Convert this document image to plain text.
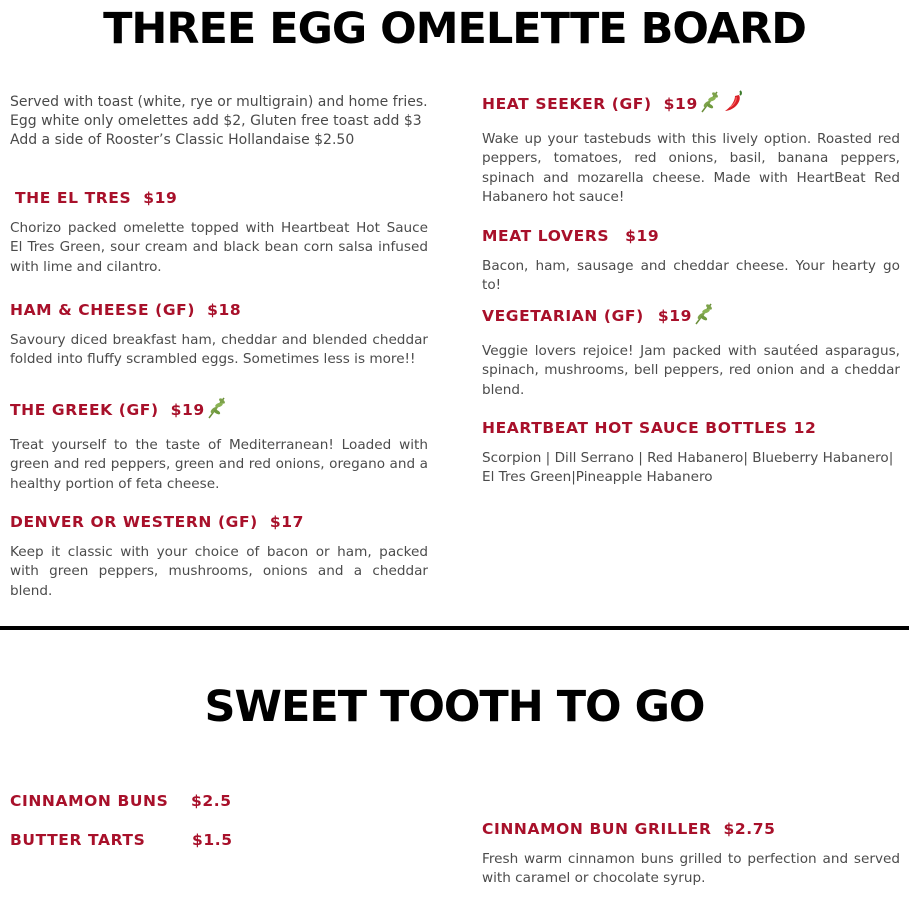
THREE EGG OMELETTE BOARD

Served with toast (white, rye or multigrain) and home fries.

Egg white only omelettes add $2, Gluten free toast add $3

Add a side of Rooster’s Classic Hollandaise $2.50

THE EL TRES $19
Chorizo packed omelette topped with Heartbeat Hot Sauce El Tres Green, sour cream and black bean corn salsa infused with lime and cilantro.
HAM & CHEESE (GF) $18
Savoury diced breakfast ham, cheddar and blended cheddar folded into fluffy scrambled eggs. Sometimes less is more!!
THE GREEK (GF) $19
Treat yourself to the taste of Mediterranean! Loaded with green and red peppers, green and red onions, oregano and a healthy portion of feta cheese.
DENVER OR WESTERN (GF) $17
Keep it classic with your choice of bacon or ham, packed with green peppers, mushrooms, onions and a cheddar blend.
HEAT SEEKER (GF) $19
Wake up your tastebuds with this lively option. Roasted red peppers, tomatoes, red onions, basil, banana peppers, spinach and mozarella cheese. Made with HeartBeat Red Habanero hot sauce!
MEAT LOVERS $19
Bacon, ham, sausage and cheddar cheese. Your hearty go to!
VEGETARIAN (GF) $19
Veggie lovers rejoice! Jam packed with sautéed asparagus, spinach, mushrooms, bell peppers, red onion and a cheddar blend.
HEARTBEAT HOT SAUCE BOTTLES 12
Scorpion | Dill Serrano | Red Habanero| Blueberry Habanero| El Tres Green|Pineapple Habanero
SWEET TOOTH TO GO
CINNAMON BUNS $2.5
BUTTER TARTS	$1.5
CINNAMON BUN GRILLER $2.75
Fresh warm cinnamon buns grilled to perfection and served with caramel or chocolate syrup.
